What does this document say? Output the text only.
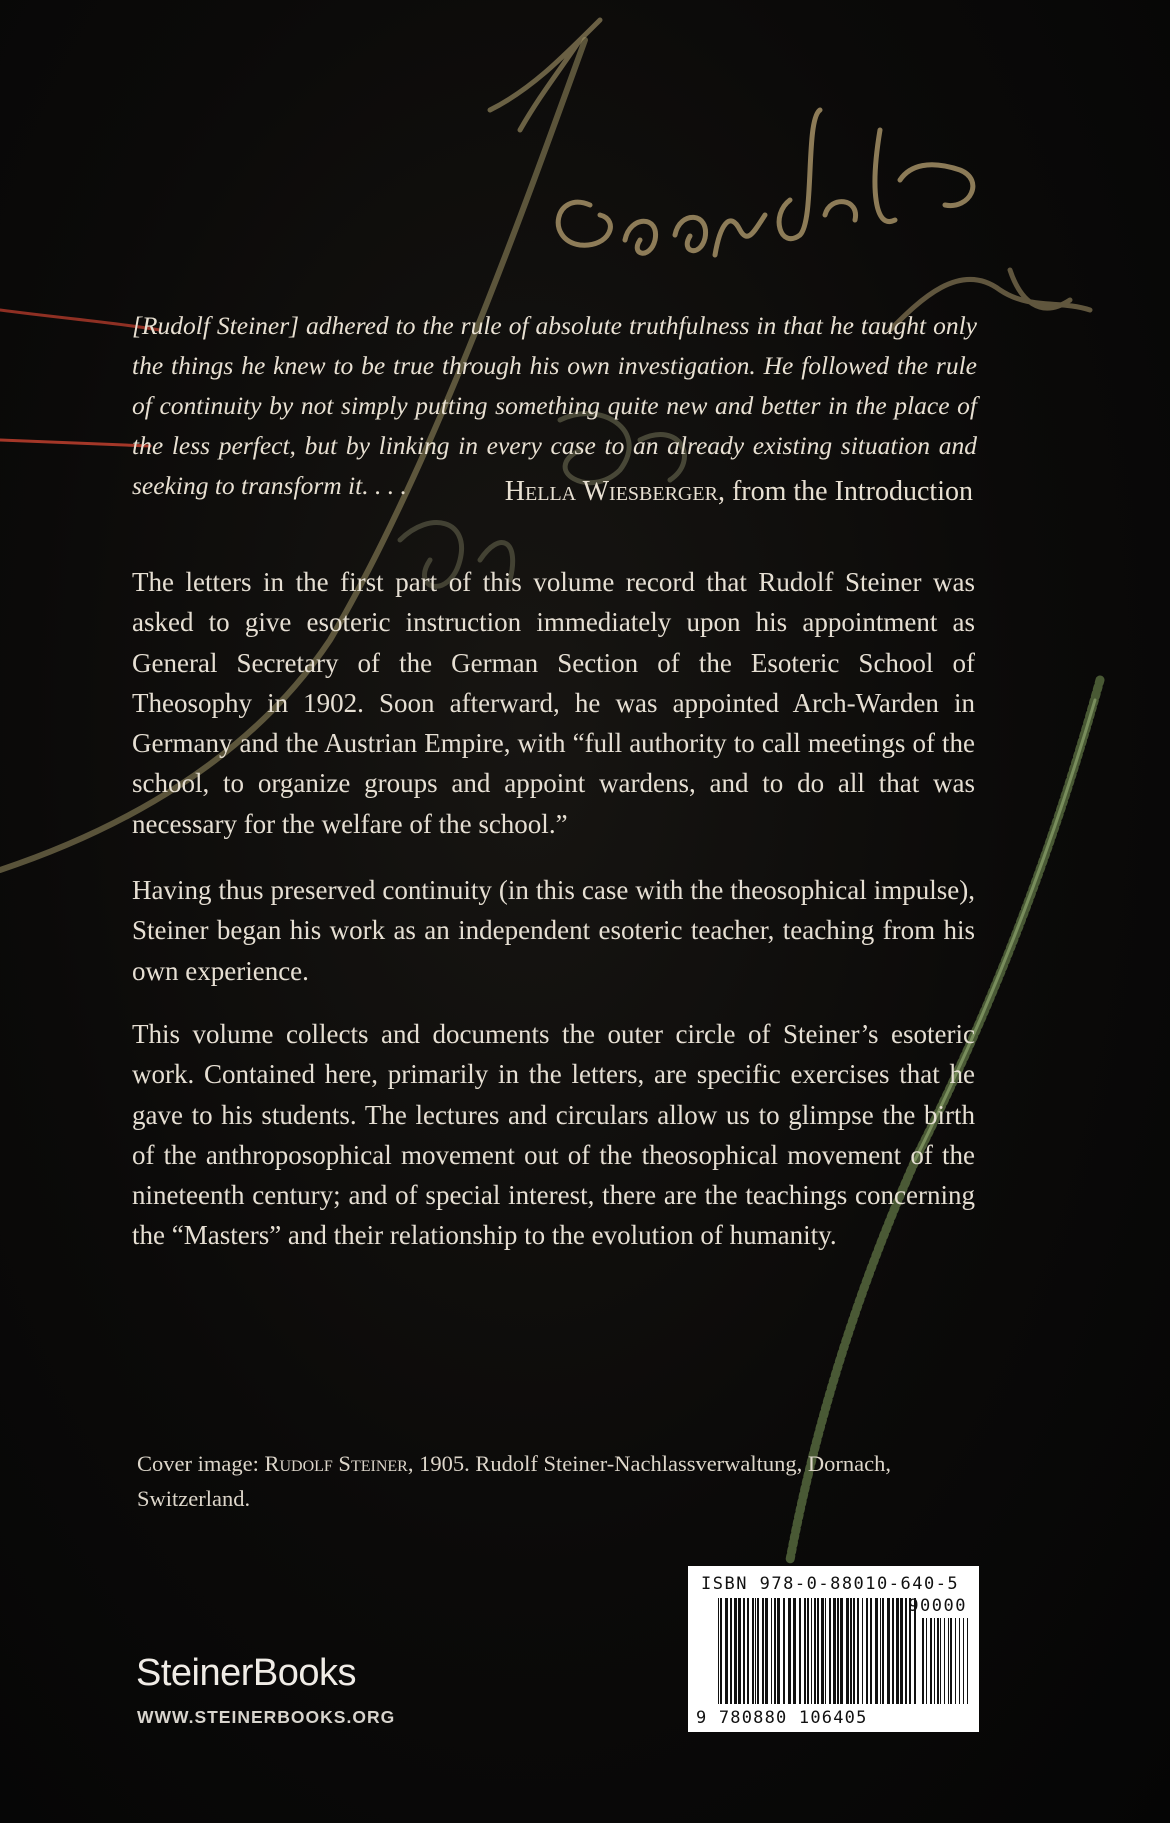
[Rudolf Steiner] adhered to the rule of absolute truthfulness in that he taught only the things he knew to be true through his own investigation. He followed the rule of continuity by not simply putting something quite new and better in the place of the less perfect, but by linking in every case to an already existing situation and seeking to transform it. . . .	Hella Wiesberger, from the Introduction

The letters in the first part of this volume record that Rudolf Steiner was asked to give esoteric instruction immediately upon his appointment as General Secretary of the German Section of the Esoteric School of Theosophy in 1902. Soon afterward, he was appointed Arch-Warden in Germany and the Austrian Empire, with “full authority to call meetings of the school, to organize groups and appoint wardens, and to do all that was necessary for the welfare of the school.”

Having thus preserved continuity (in this case with the theosophical impulse), Steiner began his work as an independent esoteric teacher, teaching from his own experience.

This volume collects and documents the outer circle of Steiner’s esoteric work. Contained here, primarily in the letters, are specific exercises that he gave to his students. The lectures and circulars allow us to glimpse the birth of the anthroposophical movement out of the theosophical movement of the nineteenth century; and of special interest, there are the teachings concerning the “Masters” and their relationship to the evolution of humanity.

Cover image: Rudolf Steiner, 1905. Rudolf Steiner-Nachlassverwaltung, Dornach, Switzerland.
SteinerBooks
WWW.STEINERBOOKS.ORG
ISBN 978-0-88010-640-5
90000
9 780880 106405
